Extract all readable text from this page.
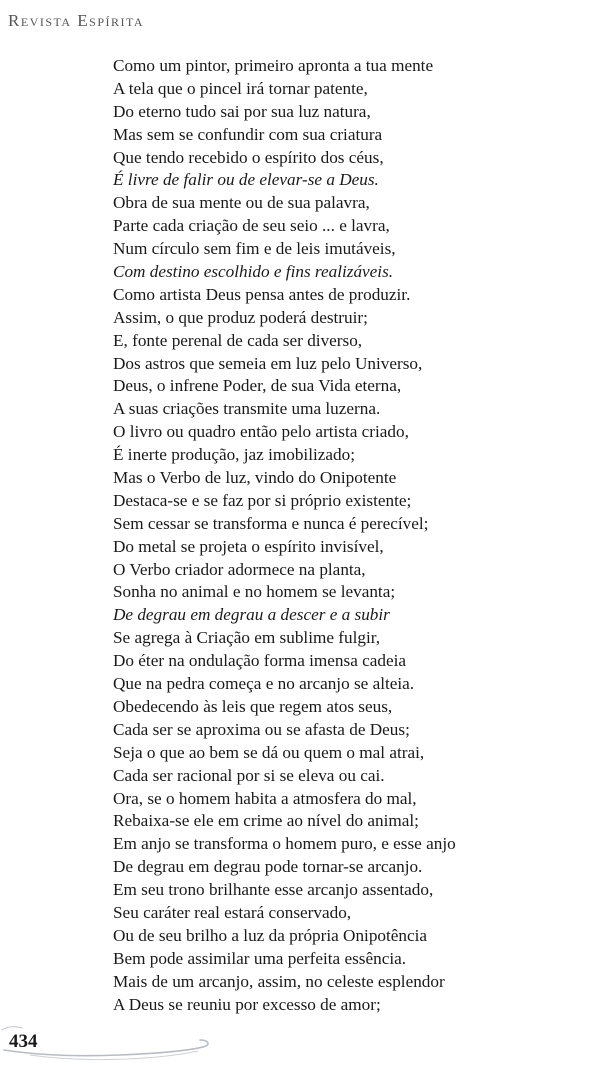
Revista Espírita
Como um pintor, primeiro apronta a tua mente
A tela que o pincel irá tornar patente,
Do eterno tudo sai por sua luz natura,
Mas sem se confundir com sua criatura
Que tendo recebido o espírito dos céus,
É livre de falir ou de elevar-se a Deus.
Obra de sua mente ou de sua palavra,
Parte cada criação de seu seio ... e lavra,
Num círculo sem fim e de leis imutáveis,
Com destino escolhido e fins realizáveis.
Como artista Deus pensa antes de produzir.
Assim, o que produz poderá destruir;
E, fonte perenal de cada ser diverso,
Dos astros que semeia em luz pelo Universo,
Deus, o infrene Poder, de sua Vida eterna,
A suas criações transmite uma luzerna.
O livro ou quadro então pelo artista criado,
É inerte produção, jaz imobilizado;
Mas o Verbo de luz, vindo do Onipotente
Destaca-se e se faz por si próprio existente;
Sem cessar se transforma e nunca é perecível;
Do metal se projeta o espírito invisível,
O Verbo criador adormece na planta,
Sonha no animal e no homem se levanta;
De degrau em degrau a descer e a subir
Se agrega à Criação em sublime fulgir,
Do éter na ondulação forma imensa cadeia
Que na pedra começa e no arcanjo se alteia.
Obedecendo às leis que regem atos seus,
Cada ser se aproxima ou se afasta de Deus;
Seja o que ao bem se dá ou quem o mal atrai,
Cada ser racional por si se eleva ou cai.
Ora, se o homem habita a atmosfera do mal,
Rebaixa-se ele em crime ao nível do animal;
Em anjo se transforma o homem puro, e esse anjo
De degrau em degrau pode tornar-se arcanjo.
Em seu trono brilhante esse arcanjo assentado,
Seu caráter real estará conservado,
Ou de seu brilho a luz da própria Onipotência
Bem pode assimilar uma perfeita essência.
Mais de um arcanjo, assim, no celeste esplendor
A Deus se reuniu por excesso de amor;
434
